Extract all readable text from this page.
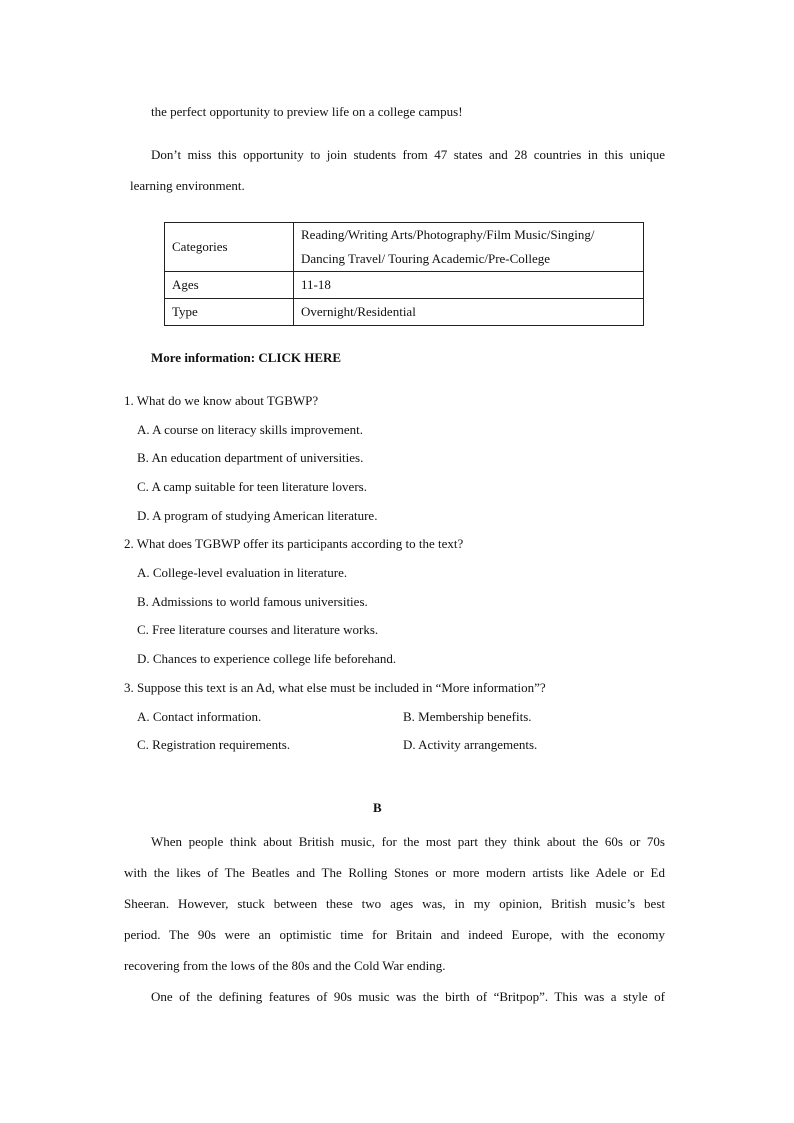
the perfect opportunity to preview life on a college campus!
Don’t miss this opportunity to join students from 47 states and 28 countries in this unique
learning environment.
Categories	Reading/Writing Arts/Photography/Film Music/Singing/
Dancing Travel/ Touring Academic/Pre-College

Ages	11-18
Type	Overnight/Residential
More information: CLICK HERE
1. What do we know about TGBWP?
A. A course on literacy skills improvement.
B. An education department of universities.
C. A camp suitable for teen literature lovers.
D. A program of studying American literature.
2. What does TGBWP offer its participants according to the text?
A. College-level evaluation in literature.
B. Admissions to world famous universities.
C. Free literature courses and literature works.
D. Chances to experience college life beforehand.
3. Suppose this text is an Ad, what else must be included in “More information”?
A. Contact information.	B. Membership benefits.
C. Registration requirements.	D. Activity arrangements.
B
When people think about British music, for the most part they think about the 60s or 70s
with the likes of The Beatles and The Rolling Stones or more modern artists like Adele or Ed
Sheeran. However, stuck between these two ages was, in my opinion, British music’s best
period. The 90s were an optimistic time for Britain and indeed Europe, with the economy
recovering from the lows of the 80s and the Cold War ending.
One of the defining features of 90s music was the birth of “Britpop”. This was a style of
